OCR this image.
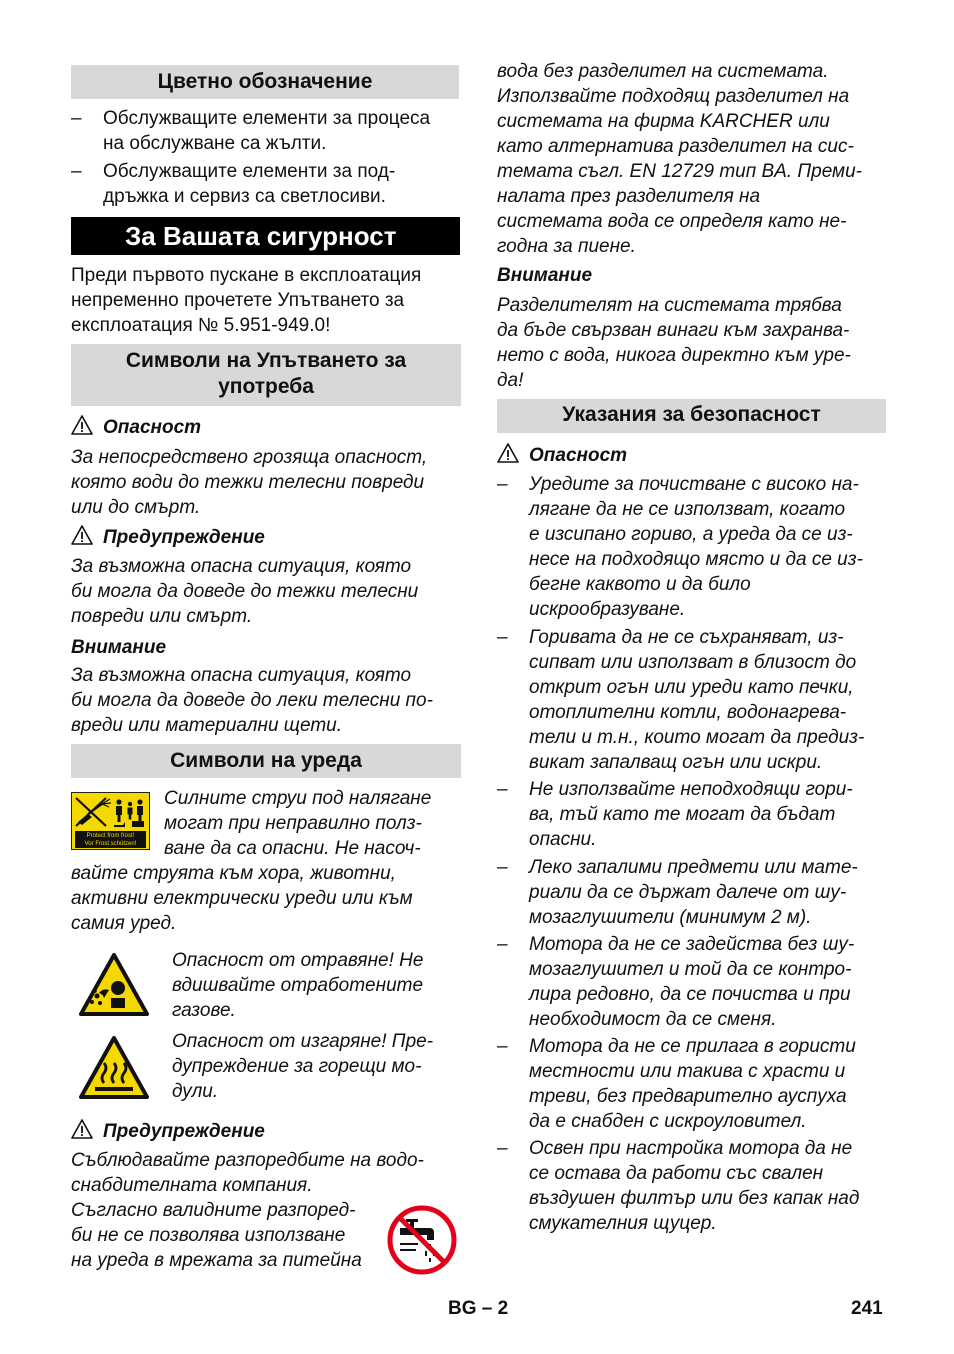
Цветно обозначение
– Обслужващите елементи за процеса
на обслужване са жълти.
– Обслужващите елементи за под-
дръжка и сервиз са светлосиви.
За Вашата сигурност
Преди първото пускане в експлоатация
непременно прочетете Упътването за
експлоатация № 5.951-949.0!
Символи на Упътването за
употреба
Опасност
За непосредствено грозяща опасност,
която води до тежки телесни повреди
или до смърт.
Предупреждение
За възможна опасна ситуация, която
би могла да доведе до тежки телесни
повреди или смърт.
Внимание
За възможна опасна ситуация, която
би могла да доведе до леки телесни по-
вреди или материални щети.
Символи на уреда
Protect from frost!
Vor Frost schützen!
Силните струи под налягане
могат при неправилно полз-
ване да са опасни. Не насоч-
вайте струята към хора, животни,
активни електрически уреди или към
самия уред.
Опасност от отравяне! Не
вдишвайте отработените
газове.
Опасност от изгаряне! Пре-
дупреждение за горещи мо-
дули.
Предупреждение
Съблюдавайте разпоредбите на водо-
снабдителната компания.
Съгласно валидните разпоред-
би не се позволява използване
на уреда в мрежата за питейна
вода без разделител на системата.
Използвайте подходящ разделител на
системата на фирма KARCHER или
като алтернатива разделител на сис-
темата съгл. EN 12729 тип BA. Преми-
налата през разделителя на
системата вода се определя като не-
годна за пиене.
Внимание
Разделителят на системата трябва
да бъде свързван винаги към захранва-
нето с вода, никога директно към уре-
да!
Указания за безопасност
Опасност
– Уредите за почистване с високо на-
лягане да не се използват, когато
е изсипано гориво, а уреда да се из-
несе на подходящо място и да се из-
бегне каквото и да било
искрообразуване.
– Горивата да не се съхраняват, из-
сипват или използват в близост до
открит огън или уреди като печки,
отоплителни котли, водонагрева-
тели и т.н., които могат да предиз-
викат запалващ огън или искри.
– Не използвайте неподходящи гори-
ва, тъй като те могат да бъдат
опасни.
– Леко запалими предмети или мате-
риали да се държат далече от шу-
мозаглушители (минимум 2 м).
– Мотора да не се задейства без шу-
мозаглушител и той да се контро-
лира редовно, да се почиства и при
необходимост да се сменя.
– Мотора да не се прилага в гористи
местности или такива с храсти и
треви, без предварително ауспуха
да е снабден с искроуловител.
– Освен при настройка мотора да не
се остава да работи със свален
въздушен филтър или без капак над
смукателния щуцер.
BG – 2	241
